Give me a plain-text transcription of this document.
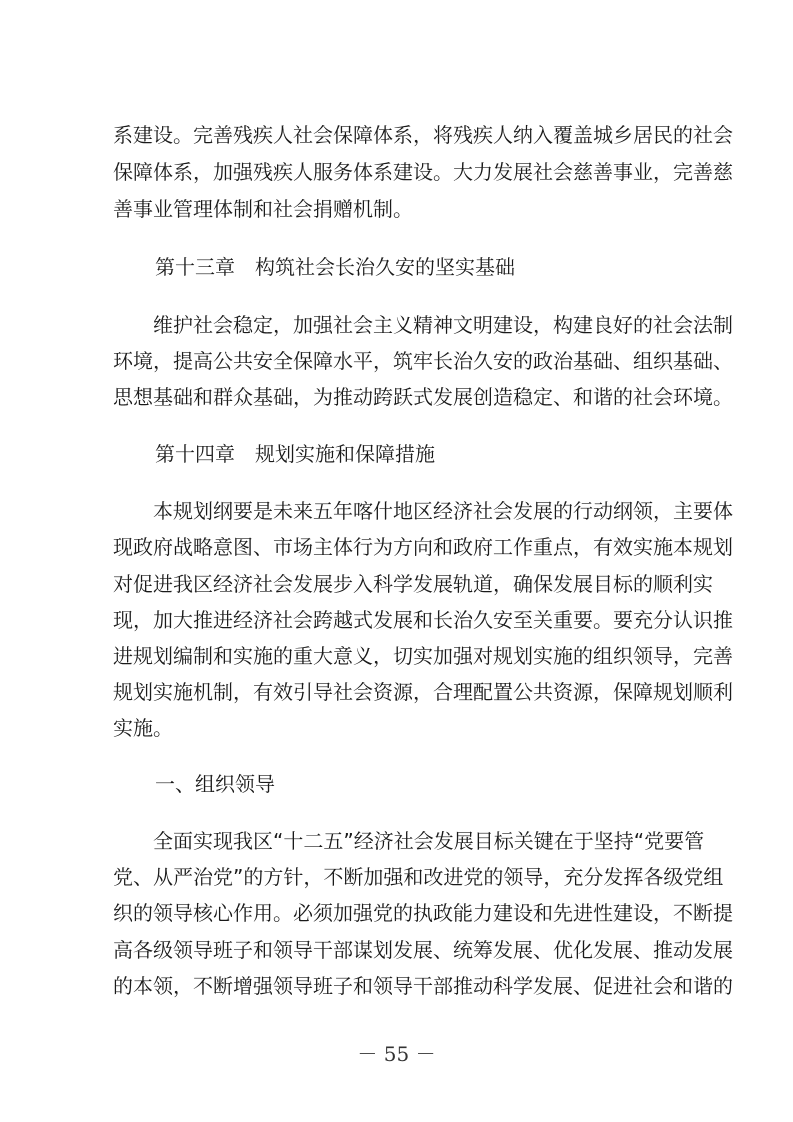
系建设。完善残疾人社会保障体系，将残疾人纳入覆盖城乡居民的社会
保障体系，加强残疾人服务体系建设。大力发展社会慈善事业，完善慈
善事业管理体制和社会捐赠机制。
第十三章　构筑社会长治久安的坚实基础
　　维护社会稳定，加强社会主义精神文明建设，构建良好的社会法制
环境，提高公共安全保障水平，筑牢长治久安的政治基础、组织基础、
思想基础和群众基础，为推动跨跃式发展创造稳定、和谐的社会环境。
第十四章　规划实施和保障措施
　　本规划纲要是未来五年喀什地区经济社会发展的行动纲领，主要体
现政府战略意图、市场主体行为方向和政府工作重点，有效实施本规划
对促进我区经济社会发展步入科学发展轨道，确保发展目标的顺利实
现，加大推进经济社会跨越式发展和长治久安至关重要。要充分认识推
进规划编制和实施的重大意义，切实加强对规划实施的组织领导，完善
规划实施机制，有效引导社会资源，合理配置公共资源，保障规划顺利
实施。
一、组织领导
　　全面实现我区“十二五”经济社会发展目标关键在于坚持“党要管
党、从严治党”的方针，不断加强和改进党的领导，充分发挥各级党组
织的领导核心作用。必须加强党的执政能力建设和先进性建设，不断提
高各级领导班子和领导干部谋划发展、统筹发展、优化发展、推动发展
的本领，不断增强领导班子和领导干部推动科学发展、促进社会和谐的
－ 55 －
